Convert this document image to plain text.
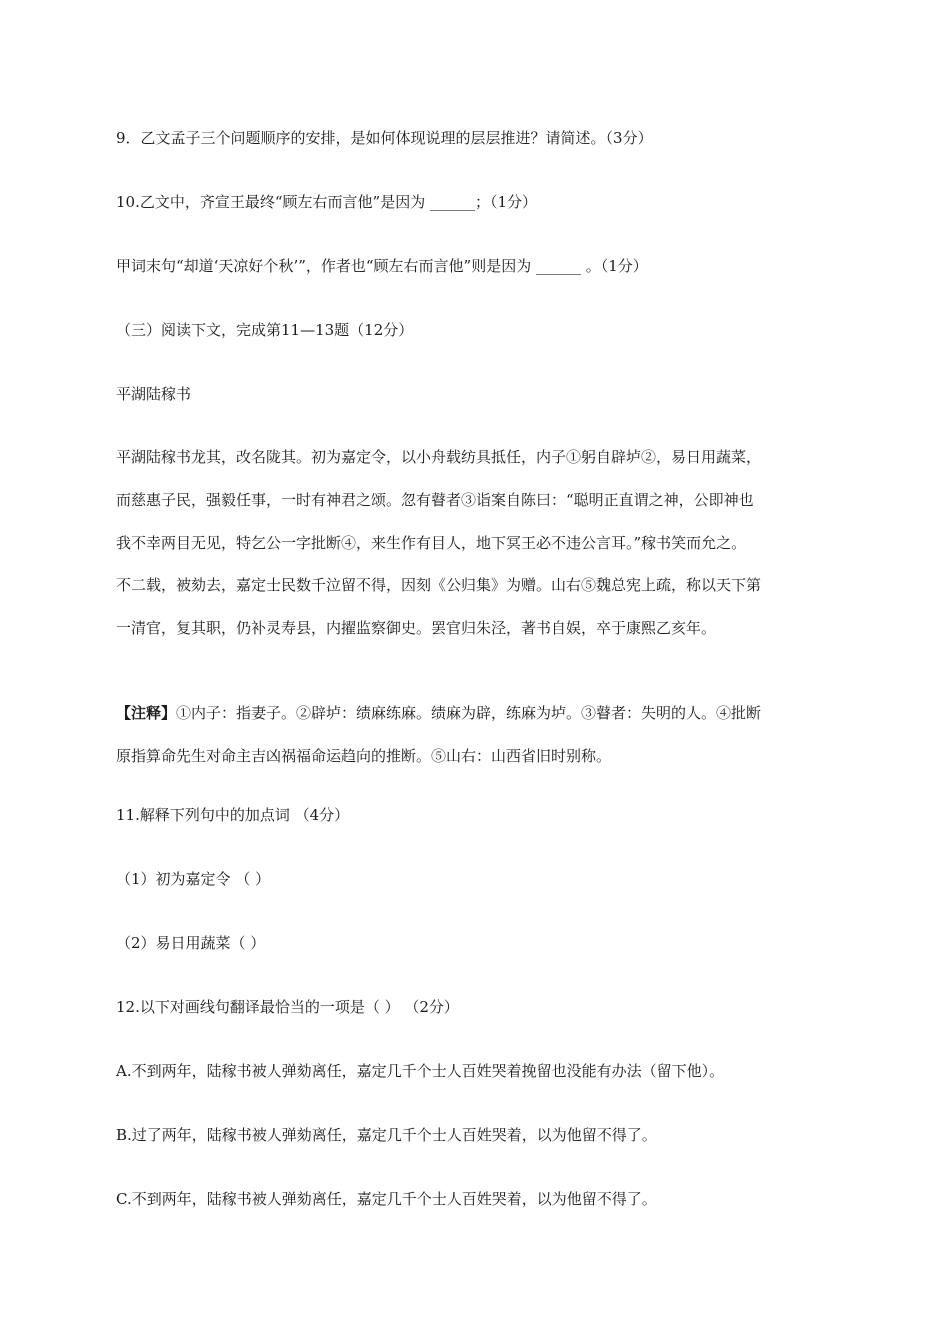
9．乙文孟子三个问题顺序的安排，是如何体现说理的层层推进？请简述。（3分）
10.乙文中，齐宣王最终“顾左右而言他”是因为 ______；（1分）
甲词末句“却道‘天凉好个秋’”，作者也“顾左右而言他”则是因为 ______ 。（1分）
（三）阅读下文，完成第11—13题（12分）
平湖陆稼书
平湖陆稼书龙其，改名陇其。初为嘉定令，以小舟载纺具抵任，内子①躬自辟垆②，易日用蔬菜，
而慈惠子民，强毅任事，一时有神君之颂。忽有瞽者③诣案自陈曰：“聪明正直谓之神，公即神也
我不幸两目无见，特乞公一字批断④，来生作有目人，地下冥王必不违公言耳。”稼书笑而允之。
不二载，被劾去，嘉定士民数千泣留不得，因刻《公归集》为赠。山右⑤魏总宪上疏，称以天下第
一清官，复其职，仍补灵寿县，内擢监察御史。罢官归朱泾，著书自娱，卒于康熙乙亥年。
【注释】①内子：指妻子。②辟垆：绩麻练麻。绩麻为辟，练麻为垆。③瞽者：失明的人。④批断
原指算命先生对命主吉凶祸福命运趋向的推断。⑤山右：山西省旧时别称。
11.解释下列句中的加点词 （4分）
（1）初为嘉定令 （ ）
（2）易日用蔬菜（ ）
12.以下对画线句翻译最恰当的一项是（ ） （2分）
A.不到两年，陆稼书被人弹劾离任，嘉定几千个士人百姓哭着挽留也没能有办法（留下他）。
B.过了两年，陆稼书被人弹劾离任，嘉定几千个士人百姓哭着，以为他留不得了。
C.不到两年，陆稼书被人弹劾离任，嘉定几千个士人百姓哭着，以为他留不得了。
